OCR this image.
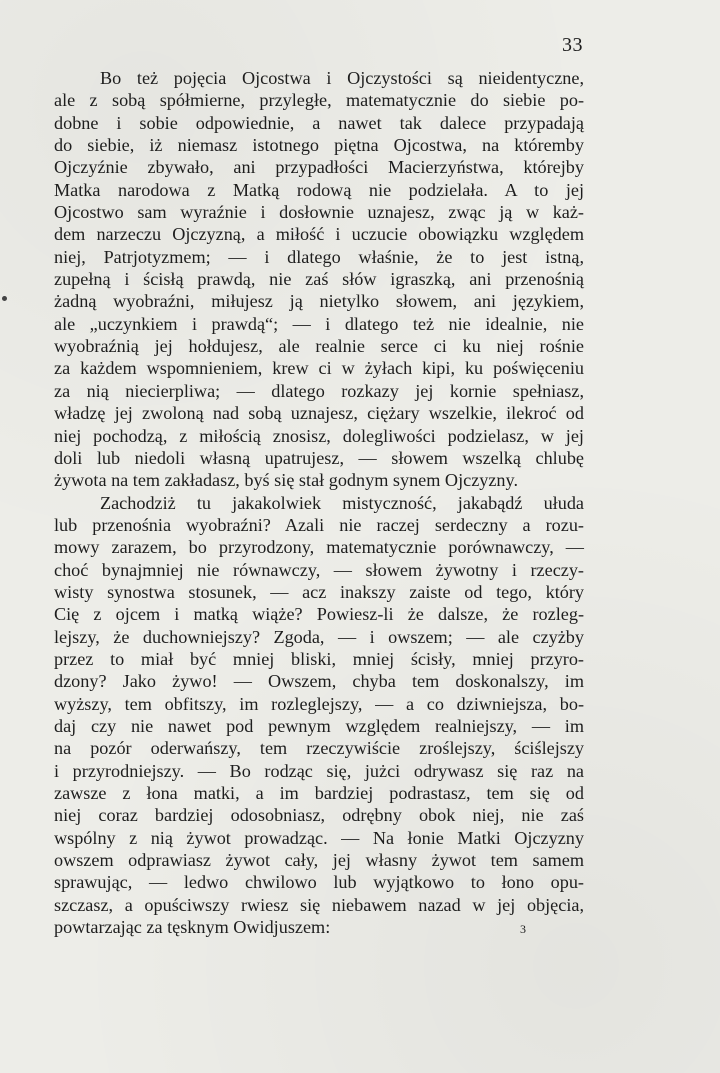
33
Bo też pojęcia Ojcostwa i Ojczystości są nieidentyczne,
ale z sobą spółmierne, przyległe, matematycznie do siebie po-
dobne i sobie odpowiednie, a nawet tak dalece przypadają
do siebie, iż niemasz istotnego piętna Ojcostwa, na któremby
Ojczyźnie zbywało, ani przypadłości Macierzyństwa, którejby
Matka narodowa z Matką rodową nie podzielała. A to jej
Ojcostwo sam wyraźnie i dosłownie uznajesz, zwąc ją w każ-
dem narzeczu Ojczyzną, a miłość i uczucie obowiązku względem
niej, Patrjotyzmem; — i dlatego właśnie, że to jest istną,
zupełną i ścisłą prawdą, nie zaś słów igraszką, ani przenośnią
żadną wyobraźni, miłujesz ją nietylko słowem, ani językiem,
ale „uczynkiem i prawdą“; — i dlatego też nie idealnie, nie
wyobraźnią jej hołdujesz, ale realnie serce ci ku niej rośnie
za każdem wspomnieniem, krew ci w żyłach kipi, ku poświęceniu
za nią niecierpliwa; — dlatego rozkazy jej kornie spełniasz,
władzę jej zwoloną nad sobą uznajesz, ciężary wszelkie, ilekroć od
niej pochodzą, z miłością znosisz, dolegliwości podzielasz, w jej
doli lub niedoli własną upatrujesz, — słowem wszelką chlubę
żywota na tem zakładasz, byś się stał godnym synem Ojczyzny.
Zachodziż tu jakakolwiek mistyczność, jakabądź ułuda
lub przenośnia wyobraźni? Azali nie raczej serdeczny a rozu-
mowy zarazem, bo przyrodzony, matematycznie porównawczy, —
choć bynajmniej nie równawczy, — słowem żywotny i rzeczy-
wisty synostwa stosunek, — acz inakszy zaiste od tego, który
Cię z ojcem i matką wiąże? Powiesz-li że dalsze, że rozleg-
lejszy, że duchowniejszy? Zgoda, — i owszem; — ale czyżby
przez to miał być mniej bliski, mniej ścisły, mniej przyro-
dzony? Jako żywo! — Owszem, chyba tem doskonalszy, im
wyższy, tem obfitszy, im rozleglejszy, — a co dziwniejsza, bo-
daj czy nie nawet pod pewnym względem realniejszy, — im
na pozór oderwańszy, tem rzeczywiście zroślejszy, ściślejszy
i przyrodniejszy. — Bo rodząc się, jużci odrywasz się raz na
zawsze z łona matki, a im bardziej podrastasz, tem się od
niej coraz bardziej odosobniasz, odrębny obok niej, nie zaś
wspólny z nią żywot prowadząc. — Na łonie Matki Ojczyzny
owszem odprawiasz żywot cały, jej własny żywot tem samem
sprawując, — ledwo chwilowo lub wyjątkowo to łono opu-
szczasz, a opuściwszy rwiesz się niebawem nazad w jej objęcia,
powtarzając za tęsknym Owidjuszem:	3
